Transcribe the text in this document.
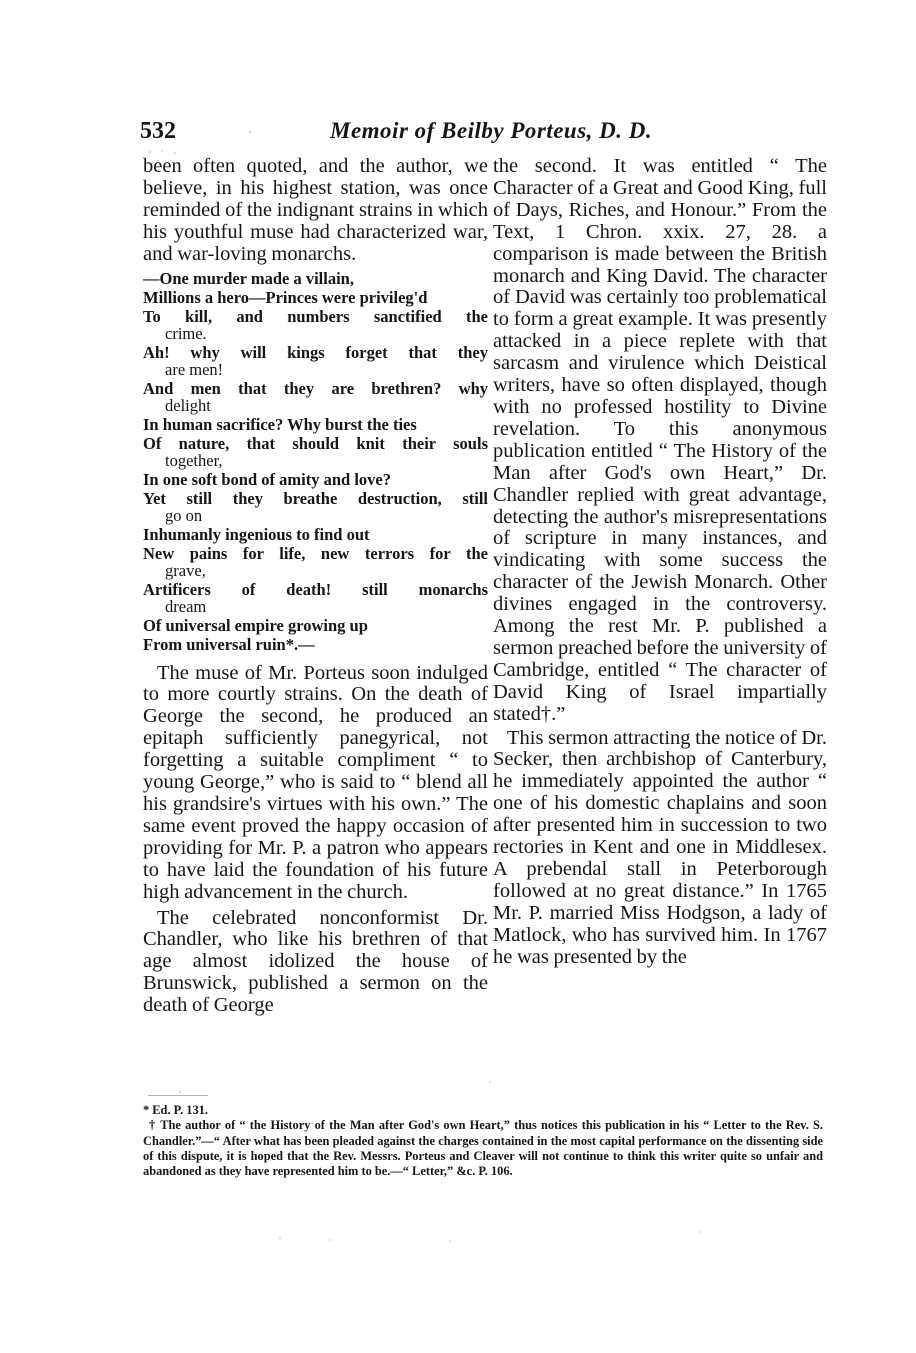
532	Memoir of Beilby Porteus, D. D.

been often quoted, and the author, we believe, in his highest station, was once reminded of the indignant strains in which his youthful muse had characterized war, and war-loving monarchs.

—One murder made a villain,
Millions a hero—Princes were privileg'd
To kill, and numbers sanctified the
crime.
Ah! why will kings forget that they
are men!
And men that they are brethren? why
delight
In human sacrifice? Why burst the ties
Of nature, that should knit their souls
together,
In one soft bond of amity and love?
Yet still they breathe destruction, still
go on
Inhumanly ingenious to find out
New pains for life, new terrors for the
grave,
Artificers of death! still monarchs
dream
Of universal empire growing up
From universal ruin*.—

The muse of Mr. Porteus soon indulged to more courtly strains. On the death of George the second, he produced an epitaph sufficiently panegyrical, not forgetting a suitable compliment “ to young George,” who is said to “ blend all his grandsire's virtues with his own.” The same event proved the happy occasion of providing for Mr. P. a patron who appears to have laid the foundation of his future high advancement in the church.

The celebrated nonconformist Dr. Chandler, who like his brethren of that age almost idolized the house of Brunswick, published a sermon on the death of George

the second. It was entitled “ The Character of a Great and Good King, full of Days, Riches, and Honour.” From the Text, 1 Chron. xxix. 27, 28. a comparison is made between the British monarch and King David. The character of David was certainly too problematical to form a great example. It was presently attacked in a piece replete with that sarcasm and virulence which Deistical writers, have so often displayed, though with no professed hostility to Divine revelation. To this anonymous publication entitled “ The History of the Man after God's own Heart,” Dr. Chandler replied with great advantage, detecting the author's misrepresentations of scripture in many instances, and vindicating with some success the character of the Jewish Monarch. Other divines engaged in the controversy. Among the rest Mr. P. published a sermon preached before the university of Cambridge, entitled “ The character of David King of Israel impartially stated†.”

This sermon attracting the notice of Dr. Secker, then archbishop of Canterbury, he immediately appointed the author “ one of his domestic chaplains and soon after presented him in succession to two rectories in Kent and one in Middlesex. A prebendal stall in Peterborough followed at no great distance.” In 1765 Mr. P. married Miss Hodgson, a lady of Matlock, who has survived him. In 1767 he was presented by the

* Ed. P. 131.

† The author of “ the History of the Man after God's own Heart,” thus notices this publication in his “ Letter to the Rev. S. Chandler.”—“ After what has been pleaded against the charges contained in the most capital performance on the dissenting side of this dispute, it is hoped that the Rev. Messrs. Porteus and Cleaver will not continue to think this writer quite so unfair and abandoned as they have represented him to be.—“ Letter,” &c. P. 106.
